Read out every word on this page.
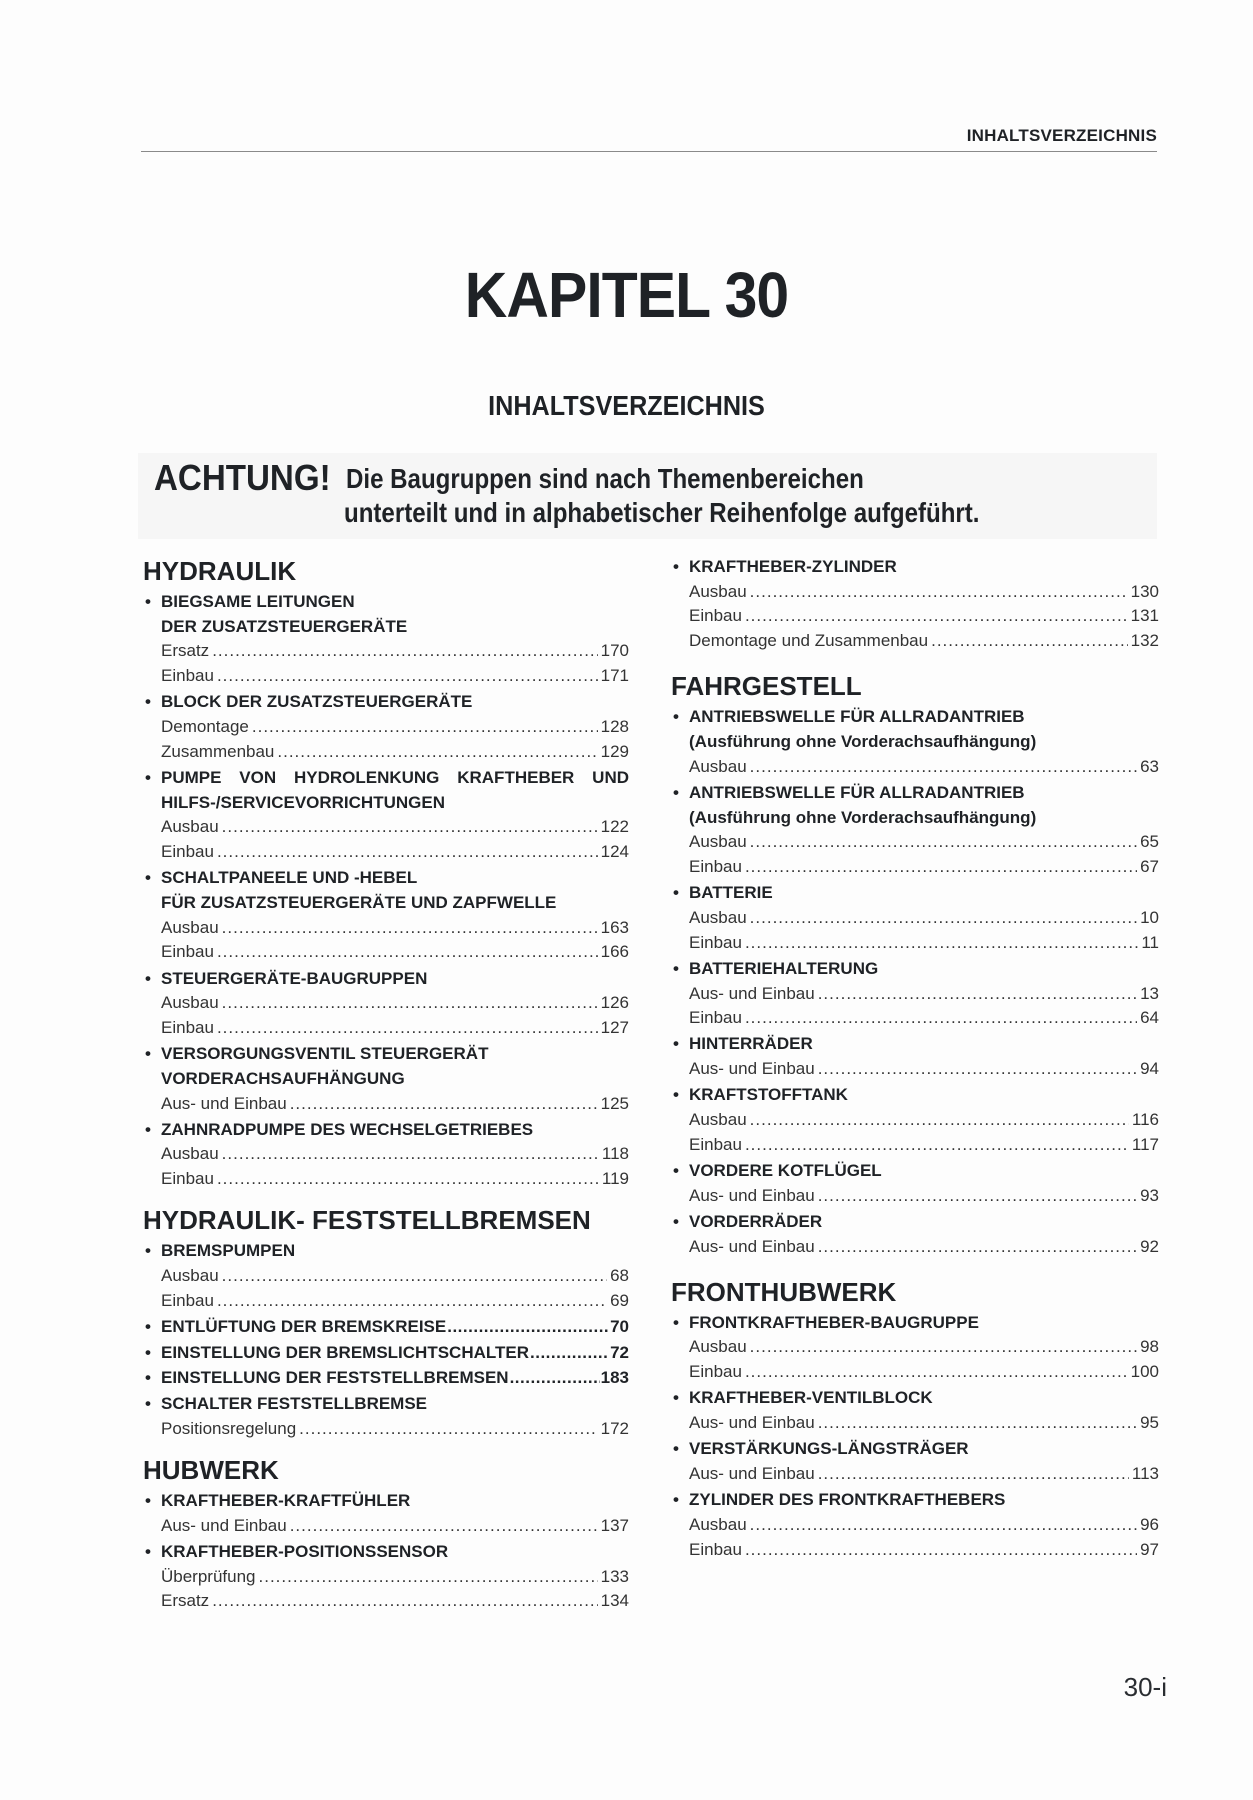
INHALTSVERZEICHNIS
KAPITEL 30
INHALTSVERZEICHNIS
ACHTUNG! Die Baugruppen sind nach Themenbereichen
unterteilt und in alphabetischer Reihenfolge aufgeführt.
HYDRAULIK
• BIEGSAME LEITUNGEN
DER ZUSATZSTEUERGERÄTE
Ersatz .....	170
Einbau .....	171
• BLOCK DER ZUSATZSTEUERGERÄTE
Demontage .....	128
Zusammenbau .....	129
• PUMPE VON HYDROLENKUNG KRAFTHEBER UND
HILFS-/SERVICEVORRICHTUNGEN
Ausbau .....	122
Einbau .....	124
• SCHALTPANEELE UND -HEBEL
FÜR ZUSATZSTEUERGERÄTE UND ZAPFWELLE
Ausbau .....	163
Einbau .....	166
• STEUERGERÄTE-BAUGRUPPEN
Ausbau .....	126
Einbau .....	127
• VERSORGUNGSVENTIL STEUERGERÄT
VORDERACHSAUFHÄNGUNG
Aus- und Einbau .....	125
• ZAHNRADPUMPE DES WECHSELGETRIEBES
Ausbau .....	118
Einbau .....	119
HYDRAULIK- FESTSTELLBREMSEN
• BREMSPUMPEN
Ausbau .....	68
Einbau .....	69
• ENTLÜFTUNG DER BREMSKREISE .....	70
• EINSTELLUNG DER BREMSLICHTSCHALTER .....	72
• EINSTELLUNG DER FESTSTELLBREMSEN .....	183
• SCHALTER FESTSTELLBREMSE
Positionsregelung .....	172
HUBWERK
• KRAFTHEBER-KRAFTFÜHLER
Aus- und Einbau .....	137
• KRAFTHEBER-POSITIONSSENSOR
Überprüfung .....	133
Ersatz .....	134
• KRAFTHEBER-ZYLINDER
Ausbau .....	130
Einbau .....	131
Demontage und Zusammenbau .....	132
FAHRGESTELL
• ANTRIEBSWELLE FÜR ALLRADANTRIEB
(Ausführung ohne Vorderachsaufhängung)
Ausbau .....	63
• ANTRIEBSWELLE FÜR ALLRADANTRIEB
(Ausführung ohne Vorderachsaufhängung)
Ausbau .....	65
Einbau .....	67
• BATTERIE
Ausbau .....	10
Einbau .....	11
• BATTERIEHALTERUNG
Aus- und Einbau .....	13
Einbau .....	64
• HINTERRÄDER
Aus- und Einbau .....	94
• KRAFTSTOFFTANK
Ausbau .....	116
Einbau .....	117
• VORDERE KOTFLÜGEL
Aus- und Einbau .....	93
• VORDERRÄDER
Aus- und Einbau .....	92
FRONTHUBWERK
• FRONTKRAFTHEBER-BAUGRUPPE
Ausbau .....	98
Einbau .....	100
• KRAFTHEBER-VENTILBLOCK
Aus- und Einbau .....	95
• VERSTÄRKUNGS-LÄNGSTRÄGER
Aus- und Einbau .....	113
• ZYLINDER DES FRONTKRAFTHEBERS
Ausbau .....	96
Einbau .....	97
30-i
